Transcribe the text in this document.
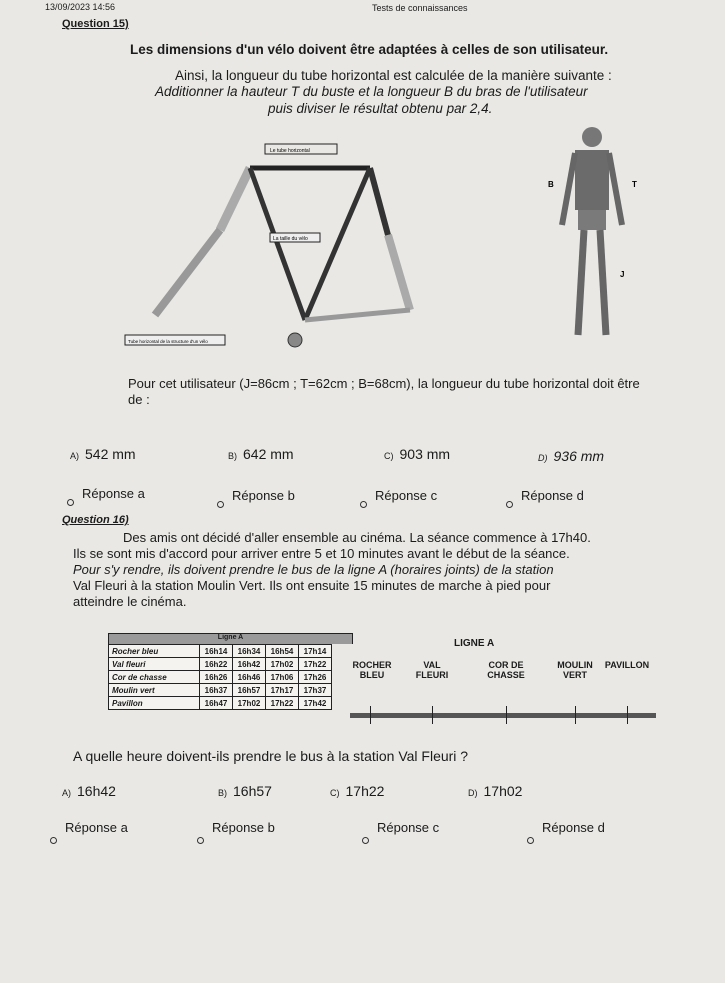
13/09/2023 14:56	Tests de connaissances
Question 15)
Les dimensions d'un vélo doivent être adaptées à celles de son utilisateur.
Ainsi, la longueur du tube horizontal est calculée de la manière suivante :
Additionner la hauteur T du buste et la longueur B du bras de l'utilisateur
puis diviser le résultat obtenu par 2,4.
Le tube horizontal
La taille du vélo
Tube horizontal de la structure d'un vélo
B	T
J
Pour cet utilisateur (J=86cm ; T=62cm ; B=68cm), la longueur du tube horizontal doit être
de :
A) 542 mm	B) 642 mm	C) 903 mm	D) 936 mm
Réponse a	Réponse b	Réponse c	Réponse d
Question 16)
Des amis ont décidé d'aller ensemble au cinéma. La séance commence à 17h40.
Ils se sont mis d'accord pour arriver entre 5 et 10 minutes avant le début de la séance.
Pour s'y rendre, ils doivent prendre le bus de la ligne A (horaires joints) de la station
Val Fleuri à la station Moulin Vert. Ils ont ensuite 15 minutes de marche à pied pour
atteindre le cinéma.
Ligne A
Rocher bleu	16h14	16h34	16h54	17h14
Val fleuri	16h22	16h42	17h02	17h22
Cor de chasse	16h26	16h46	17h06	17h26
Moulin vert	16h37	16h57	17h17	17h37
Pavillon	16h47	17h02	17h22	17h42
LIGNE A
ROCHER BLEU
VAL FLEURI
COR DE CHASSE
MOULIN VERT
PAVILLON
A quelle heure doivent-ils prendre le bus à la station Val Fleuri ?
A) 16h42	B) 16h57	C) 17h22	D) 17h02
Réponse a	Réponse b	Réponse c	Réponse d
